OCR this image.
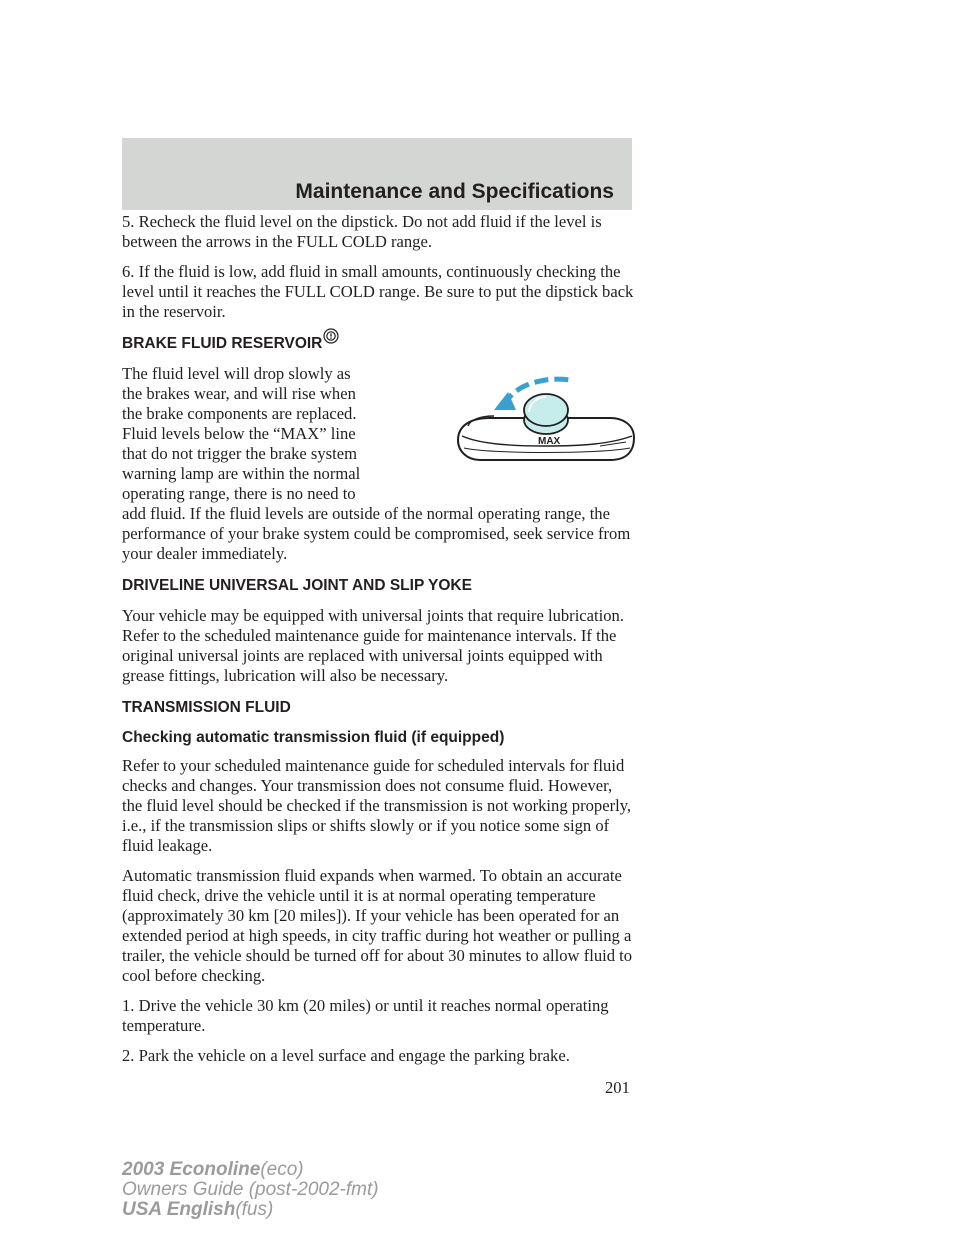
Maintenance and Specifications

5. Recheck the fluid level on the dipstick. Do not add fluid if the level is between the arrows in the FULL COLD range.

6. If the fluid is low, add fluid in small amounts, continuously checking the level until it reaches the FULL COLD range. Be sure to put the dipstick back in the reservoir.

BRAKE FLUID RESERVOIR
The fluid level will drop slowly as
the brakes wear, and will rise when
the brake components are replaced.
Fluid levels below the “MAX” line
that do not trigger the brake system
warning lamp are within the normal
operating range, there is no need to
MAX

add fluid. If the fluid levels are outside of the normal operating range, the performance of your brake system could be compromised, seek service from your dealer immediately.

DRIVELINE UNIVERSAL JOINT AND SLIP YOKE

Your vehicle may be equipped with universal joints that require lubrication. Refer to the scheduled maintenance guide for maintenance intervals. If the original universal joints are replaced with universal joints equipped with grease fittings, lubrication will also be necessary.

TRANSMISSION FLUID
Checking automatic transmission fluid (if equipped)

Refer to your scheduled maintenance guide for scheduled intervals for fluid checks and changes. Your transmission does not consume fluid. However, the fluid level should be checked if the transmission is not working properly, i.e., if the transmission slips or shifts slowly or if you notice some sign of fluid leakage.

Automatic transmission fluid expands when warmed. To obtain an accurate fluid check, drive the vehicle until it is at normal operating temperature (approximately 30 km [20 miles]). If your vehicle has been operated for an extended period at high speeds, in city traffic during hot weather or pulling a trailer, the vehicle should be turned off for about 30 minutes to allow fluid to cool before checking.

1. Drive the vehicle 30 km (20 miles) or until it reaches normal operating temperature.

2. Park the vehicle on a level surface and engage the parking brake.

201
2003 Econoline(eco)
Owners Guide (post-2002-fmt)
USA English(fus)
